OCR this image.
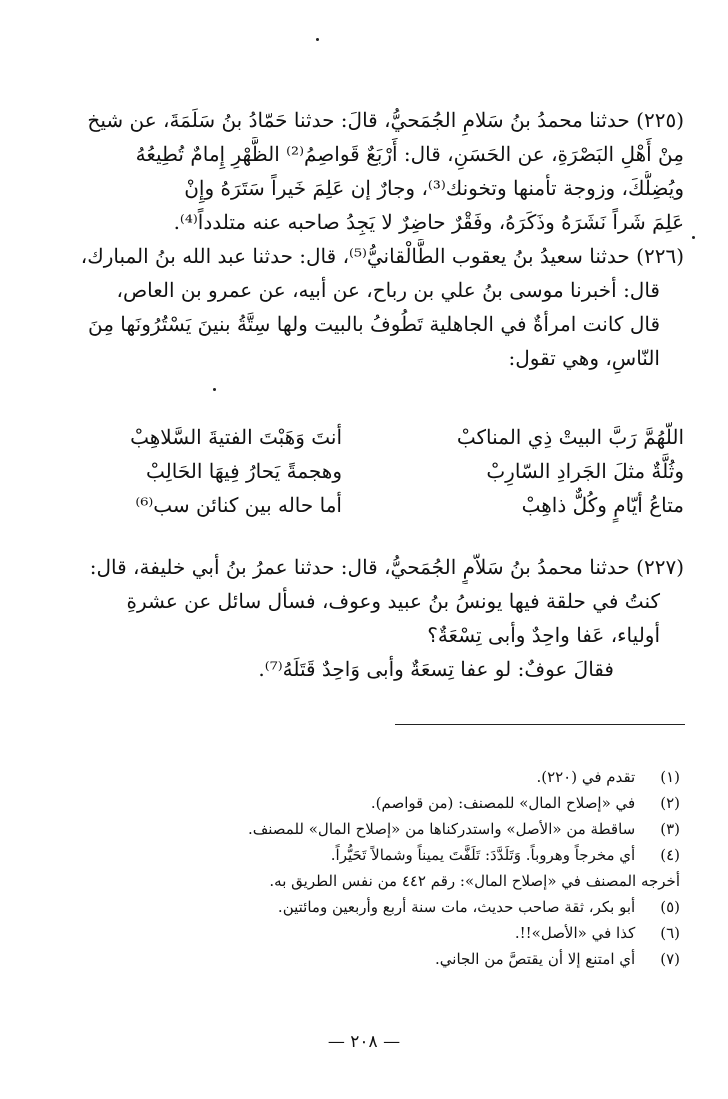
(٢٢٥) حدثنا محمدُ بنُ سَلامِ الجُمَحيُّ، قالَ: حدثنا حَمّادُ بنُ سَلَمَةَ، عن شيخ
مِنْ أَهْلِ البَصْرَةِ، عن الحَسَنِ، قال: أَرْبَعٌ قَواصِمُ⁽²⁾ الظَّهْرِ إِمامٌ تُطِيعُهُ
ويُضِلُّكَ، وزوجة تأمنها وتخونك⁽³⁾، وجارٌ إن عَلِمَ خَيراً سَتَرَهُ وإِنْ
عَلِمَ شَراً نَشَرَهُ وذَكَرَهُ، وفَقْرٌ حاضِرٌ لا يَجِدُ صاحبه عنه متلدداً⁽⁴⁾.
(٢٢٦) حدثنا سعيدُ بنُ يعقوب الطَّالْقانيُّ⁽⁵⁾، قال: حدثنا عبد الله بنُ المبارك،
قال: أخبرنا موسى بنُ علي بن رباح، عن أبيه، عن عمرو بن العاص،
قال كانت امرأةٌ في الجاهلية تَطُوفُ بالبيت ولها سِتَّةُ بنينَ يَسْتُرُونَها مِنَ
النّاسِ، وهي تقول:
اللّهُمَّ رَبَّ البيتْ ذِي المناكبْ
أنتَ وَهَبْتَ الفتيةَ السَّلاهِبْ
وثُلَّةٌ مثلَ الجَرادِ السّارِبْ
وهجمةً يَحارُ فِيهَا الحَالِبْ
متاعُ أيّامٍ وكُلٌّ ذاهِبْ
أما حاله بين كنائن سب⁽⁶⁾
(٢٢٧) حدثنا محمدُ بنُ سَلاّمٍ الجُمَحيُّ، قال: حدثنا عمرُ بنُ أبي خليفة، قال:
كنتُ في حلقة فيها يونسُ بنُ عبيد وعوف، فسأل سائل عن عشرةِ
أولياء، عَفا واحِدٌ وأبى تِسْعَةٌ؟
فقالَ عوفٌ: لو عفا تِسعَةٌ وأبى وَاحِدٌ قَتَلَهُ⁽⁷⁾.
(١) تقدم في (٢٢٠).
(٢) في «إصلاح المال» للمصنف: (من قواصم).
(٣) ساقطة من «الأصل» واستدركناها من «إصلاح المال» للمصنف.
(٤) أي مخرجاً وهروباً. وَتَلَدَّدَ: تَلَفَّتَ يميناً وشمالاً تَحَيُّراً.
أخرجه المصنف في «إصلاح المال»: رقم ٤٤٢ من نفس الطريق به.
(٥) أبو بكر، ثقة صاحب حديث، مات سنة أربع وأربعين ومائتين.
(٦) كذا في «الأصل»!!.
(٧) أي امتنع إلا أن يقتصَّ من الجاني.
— ٢٠٨ —
